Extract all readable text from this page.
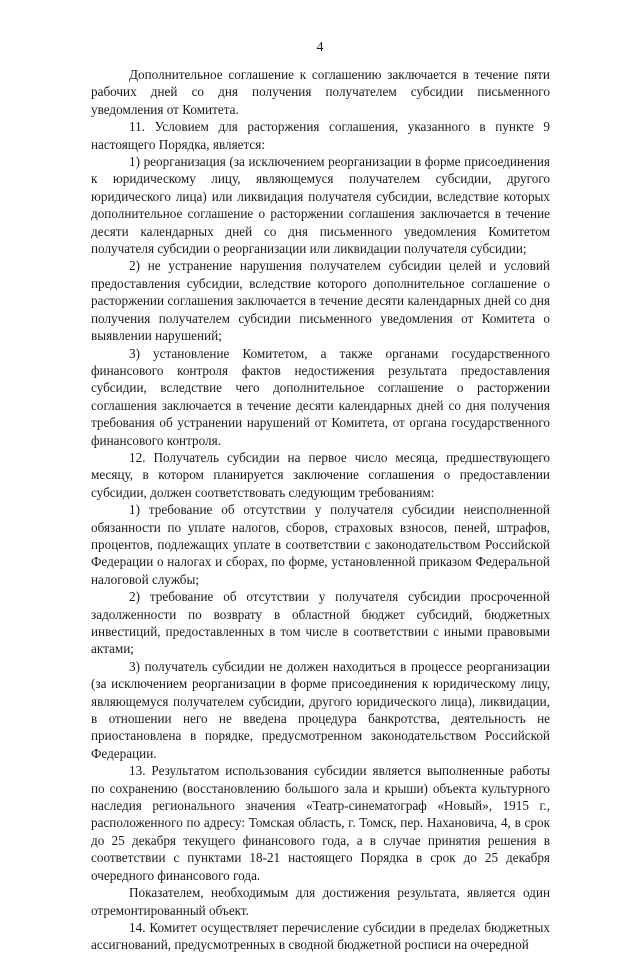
4

Дополнительное соглашение к соглашению заключается в течение пяти рабочих дней со дня получения получателем субсидии письменного уведомления от Комитета.

11. Условием для расторжения соглашения, указанного в пункте 9 настоящего Порядка, является:

1) реорганизация (за исключением реорганизации в форме присоединения к юридическому лицу, являющемуся получателем субсидии, другого юридического лица) или ликвидация получателя субсидии, вследствие которых дополнительное соглашение о расторжении соглашения заключается в течение десяти календарных дней со дня письменного уведомления Комитетом получателя субсидии о реорганизации или ликвидации получателя субсидии;

2) не устранение нарушения получателем субсидии целей и условий предоставления субсидии, вследствие которого дополнительное соглашение о расторжении соглашения заключается в течение десяти календарных дней со дня получения получателем субсидии письменного уведомления от Комитета о выявлении нарушений;

3) установление Комитетом, а также органами государственного финансового контроля фактов недостижения результата предоставления субсидии, вследствие чего дополнительное соглашение о расторжении соглашения заключается в течение десяти календарных дней со дня получения требования об устранении нарушений от Комитета, от органа государственного финансового контроля.

12. Получатель субсидии на первое число месяца, предшествующего месяцу, в котором планируется заключение соглашения о предоставлении субсидии, должен соответствовать следующим требованиям:

1) требование об отсутствии у получателя субсидии неисполненной обязанности по уплате налогов, сборов, страховых взносов, пеней, штрафов, процентов, подлежащих уплате в соответствии с законодательством Российской Федерации о налогах и сборах, по форме, установленной приказом Федеральной налоговой службы;

2) требование об отсутствии у получателя субсидии просроченной задолженности по возврату в областной бюджет субсидий, бюджетных инвестиций, предоставленных в том числе в соответствии с иными правовыми актами;

3) получатель субсидии не должен находиться в процессе реорганизации (за исключением реорганизации в форме присоединения к юридическому лицу, являющемуся получателем субсидии, другого юридического лица), ликвидации, в отношении него не введена процедура банкротства, деятельность не приостановлена в порядке, предусмотренном законодательством Российской Федерации.

13. Результатом использования субсидии является выполненные работы по сохранению (восстановлению большого зала и крыши) объекта культурного наследия регионального значения «Театр-синематограф «Новый», 1915 г., расположенного по адресу: Томская область, г. Томск, пер. Нахановича, 4, в срок до 25 декабря текущего финансового года, а в случае принятия решения в соответствии с пунктами 18-21 настоящего Порядка в срок до 25 декабря очередного финансового года.

Показателем, необходимым для достижения результата, является один отремонтированный объект.

14. Комитет осуществляет перечисление субсидии в пределах бюджетных ассигнований, предусмотренных в сводной бюджетной росписи на очередной
